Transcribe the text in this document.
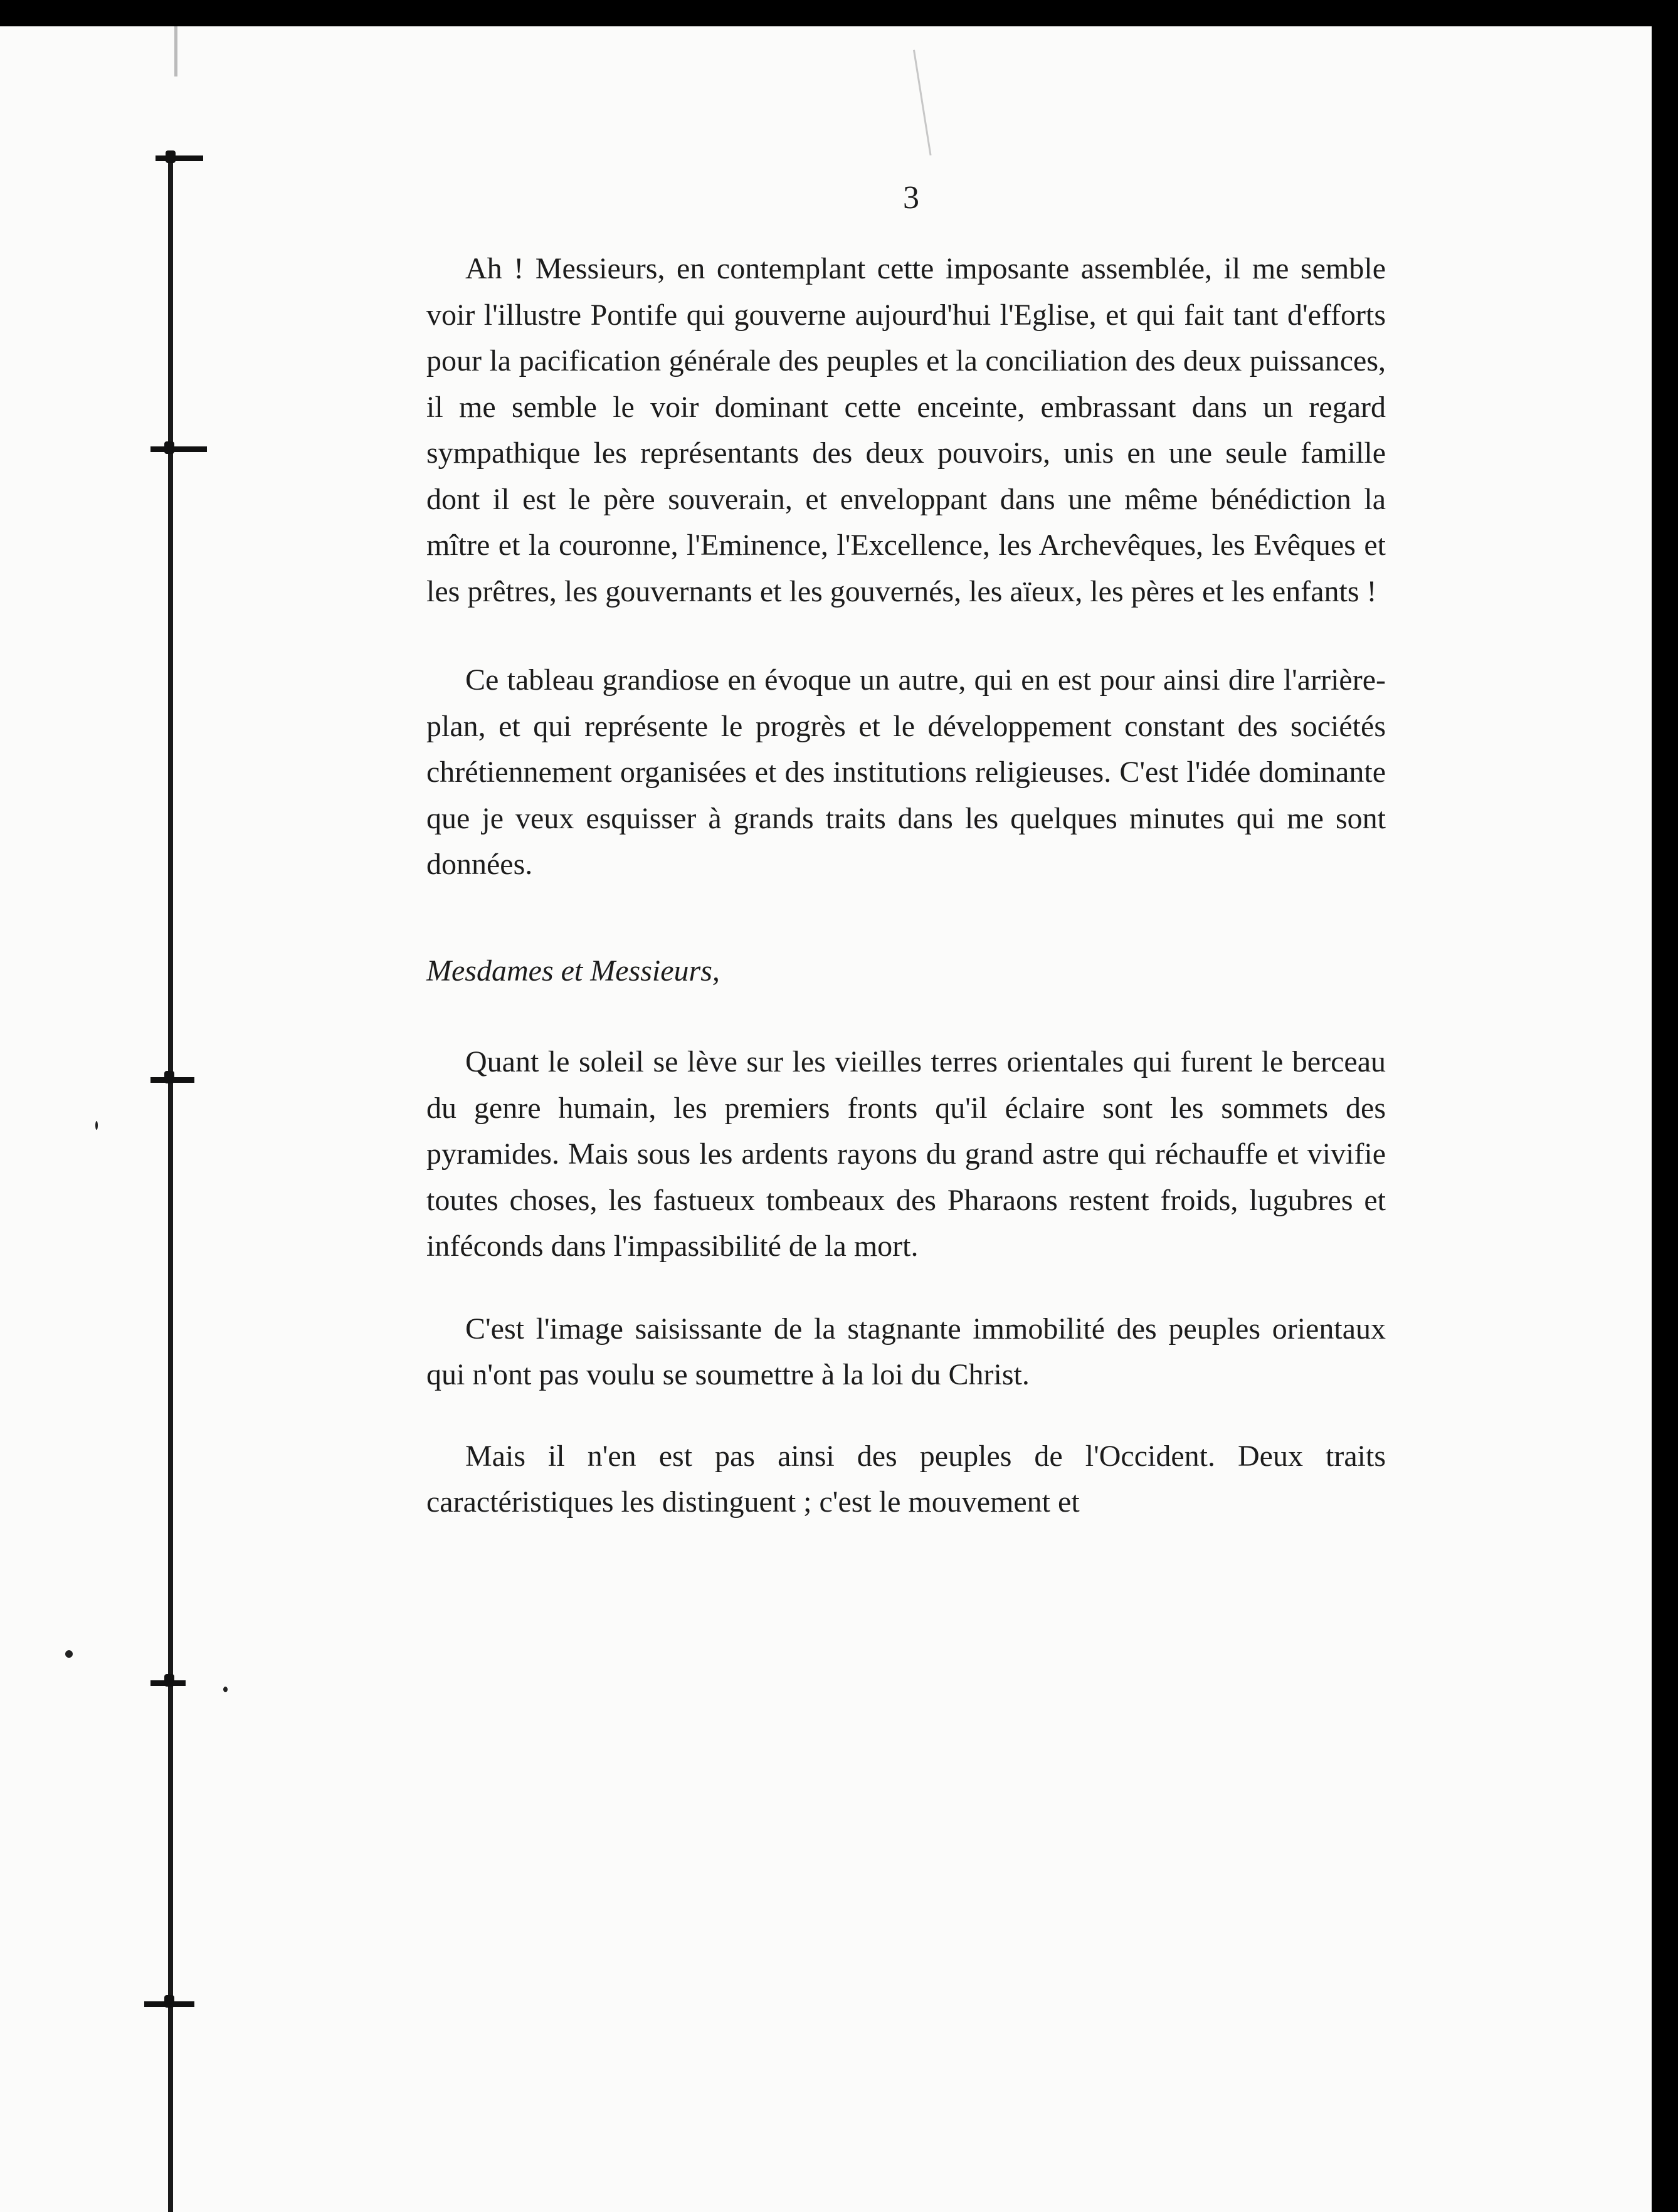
3

Ah ! Messieurs, en contemplant cette imposante assemblée, il me semble voir l'illustre Pontife qui gouverne aujourd'hui l'Eglise, et qui fait tant d'efforts pour la pacification générale des peuples et la conciliation des deux puissances, il me semble le voir dominant cette enceinte, embrassant dans un regard sympathique les représentants des deux pouvoirs, unis en une seule famille dont il est le père souverain, et enveloppant dans une même bénédiction la mître et la couronne, l'Eminence, l'Excellence, les Archevêques, les Evêques et les prêtres, les gouvernants et les gouvernés, les aïeux, les pères et les enfants !

Ce tableau grandiose en évoque un autre, qui en est pour ainsi dire l'arrière-plan, et qui représente le progrès et le développement constant des sociétés chrétiennement organisées et des institutions religieuses. C'est l'idée dominante que je veux esquisser à grands traits dans les quelques minutes qui me sont données.

Mesdames et Messieurs,

Quant le soleil se lève sur les vieilles terres orientales qui furent le berceau du genre humain, les premiers fronts qu'il éclaire sont les sommets des pyramides. Mais sous les ardents rayons du grand astre qui réchauffe et vivifie toutes choses, les fastueux tombeaux des Pharaons restent froids, lugubres et inféconds dans l'impassibilité de la mort.

C'est l'image saisissante de la stagnante immobilité des peuples orientaux qui n'ont pas voulu se soumettre à la loi du Christ.

Mais il n'en est pas ainsi des peuples de l'Occident. Deux traits caractéristiques les distinguent ; c'est le mouvement et
